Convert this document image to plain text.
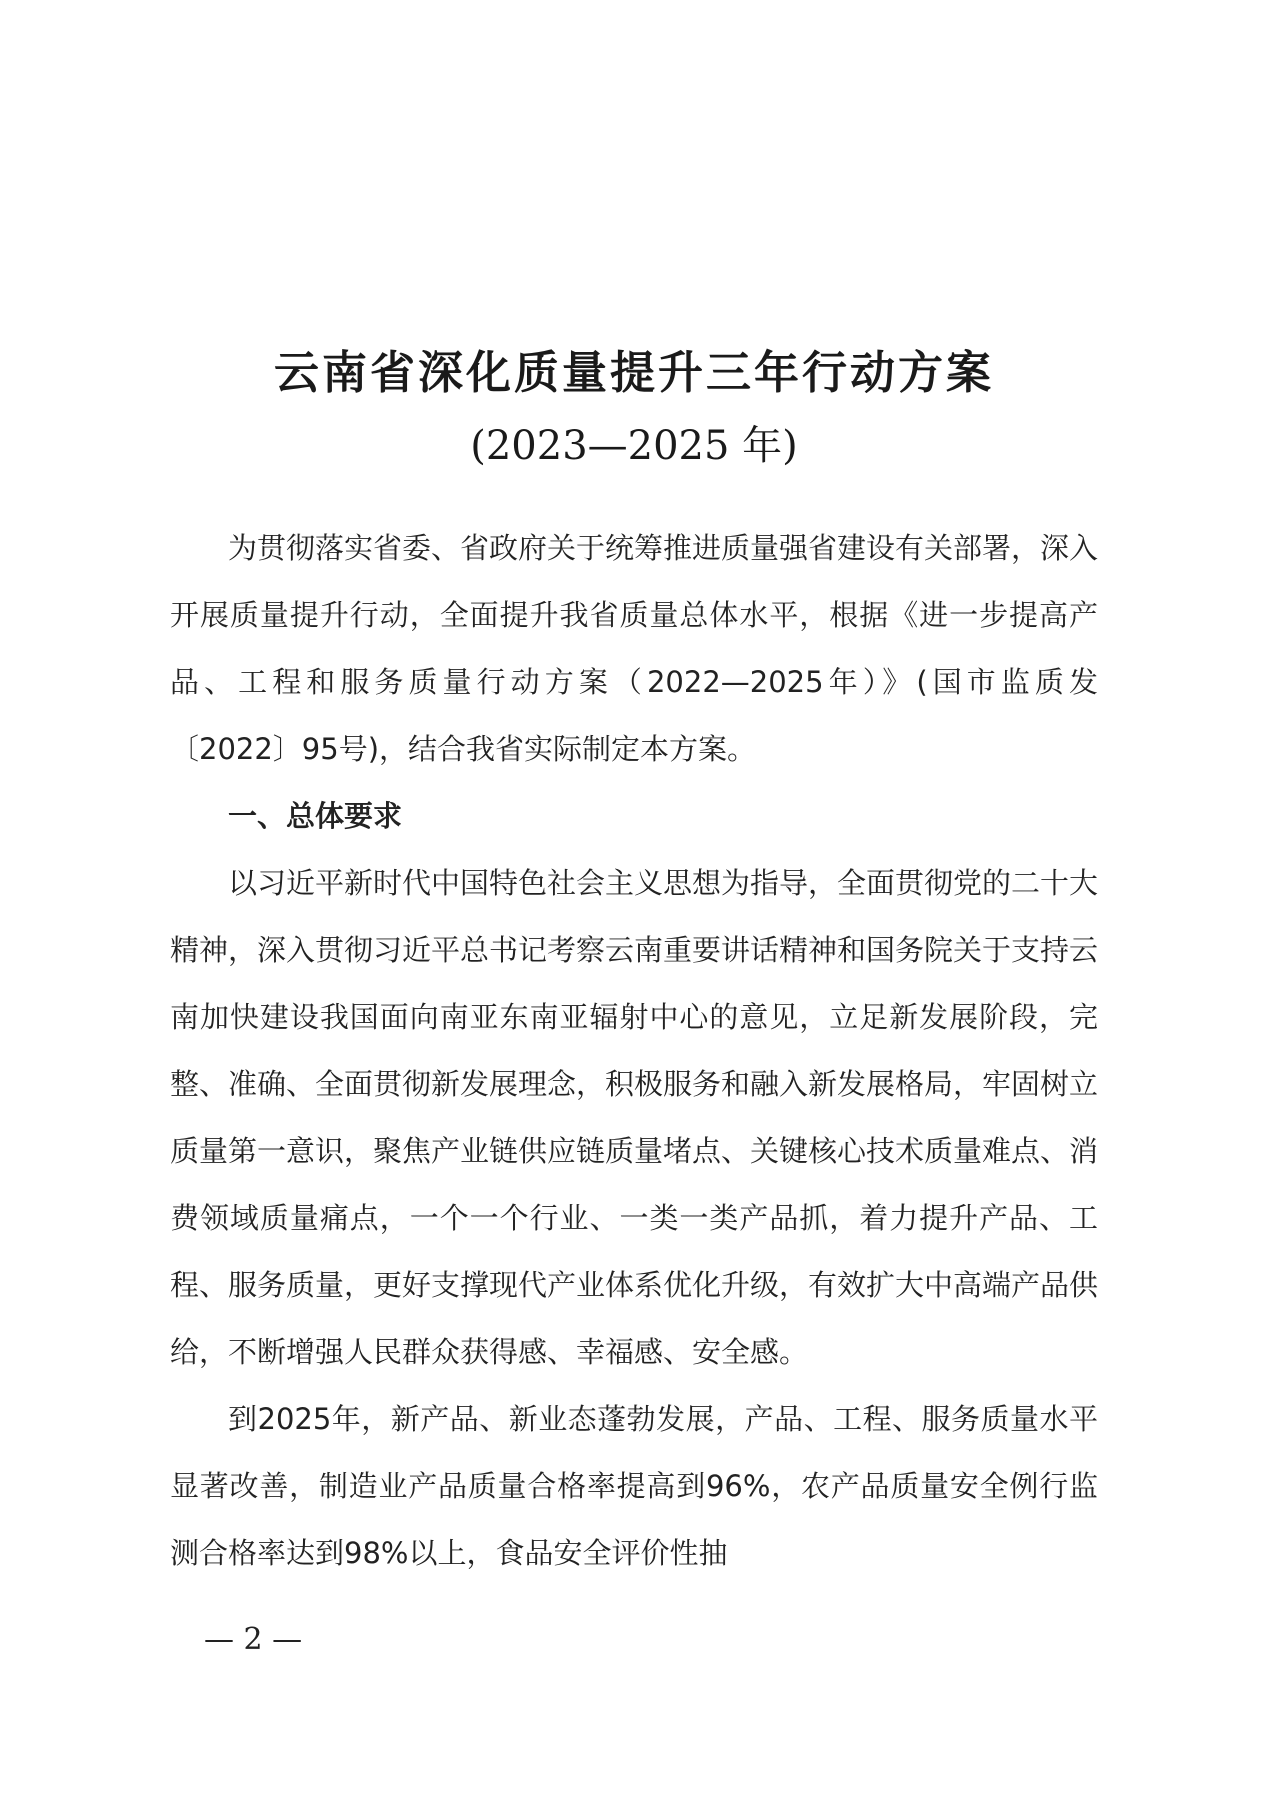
云南省深化质量提升三年行动方案
(2023—2025 年)

为贯彻落实省委、省政府关于统筹推进质量强省建设有关部署，深入开展质量提升行动，全面提升我省质量总体水平，根据《进一步提高产品、工程和服务质量行动方案（2022—2025年）》(国市监质发〔2022〕95号)，结合我省实际制定本方案。

一、总体要求

以习近平新时代中国特色社会主义思想为指导，全面贯彻党的二十大精神，深入贯彻习近平总书记考察云南重要讲话精神和国务院关于支持云南加快建设我国面向南亚东南亚辐射中心的意见，立足新发展阶段，完整、准确、全面贯彻新发展理念，积极服务和融入新发展格局，牢固树立质量第一意识，聚焦产业链供应链质量堵点、关键核心技术质量难点、消费领域质量痛点，一个一个行业、一类一类产品抓，着力提升产品、工程、服务质量，更好支撑现代产业体系优化升级，有效扩大中高端产品供给，不断增强人民群众获得感、幸福感、安全感。

到2025年，新产品、新业态蓬勃发展，产品、工程、服务质量水平显著改善，制造业产品质量合格率提高到96%，农产品质量安全例行监测合格率达到98%以上，食品安全评价性抽

— 2 —
